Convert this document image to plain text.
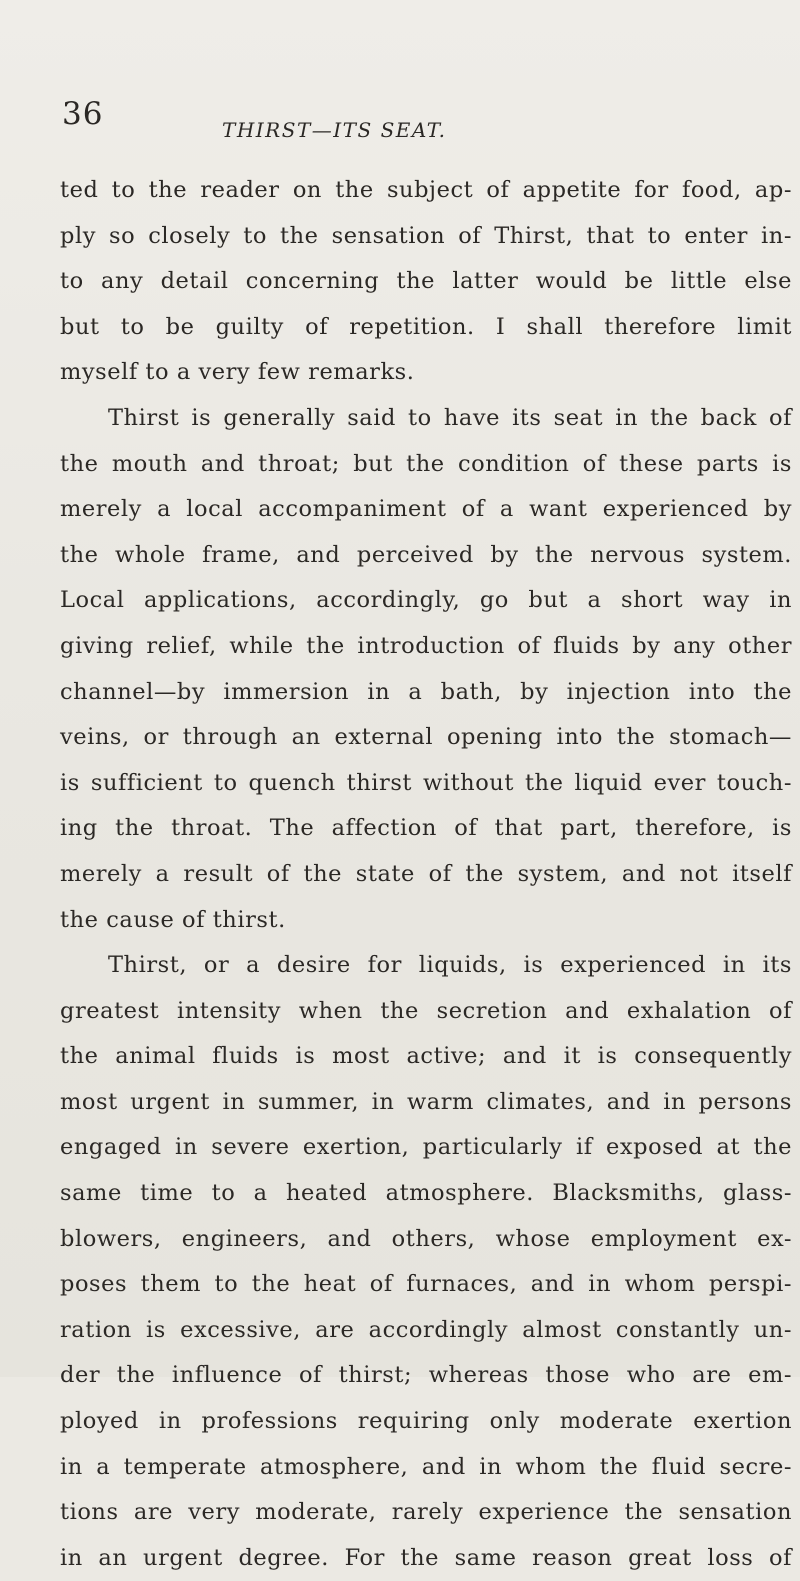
36	THIRST—ITS SEAT.
ted to the reader on the subject of appetite for food, ap-
ply so closely to the sensation of Thirst, that to enter in-
to any detail concerning the latter would be little else
but to be guilty of repetition. I shall therefore limit
myself to a very few remarks.
Thirst is generally said to have its seat in the back of
the mouth and throat; but the condition of these parts is
merely a local accompaniment of a want experienced by
the whole frame, and perceived by the nervous system.
Local applications, accordingly, go but a short way in
giving relief, while the introduction of fluids by any other
channel—by immersion in a bath, by injection into the
veins, or through an external opening into the stomach—
is sufficient to quench thirst without the liquid ever touch-
ing the throat. The affection of that part, therefore, is
merely a result of the state of the system, and not itself
the cause of thirst.
Thirst, or a desire for liquids, is experienced in its
greatest intensity when the secretion and exhalation of
the animal fluids is most active; and it is consequently
most urgent in summer, in warm climates, and in persons
engaged in severe exertion, particularly if exposed at the
same time to a heated atmosphere. Blacksmiths, glass-
blowers, engineers, and others, whose employment ex-
poses them to the heat of furnaces, and in whom perspi-
ration is excessive, are accordingly almost constantly un-
der the influence of thirst; whereas those who are em-
ployed in professions requiring only moderate exertion
in a temperate atmosphere, and in whom the fluid secre-
tions are very moderate, rarely experience the sensation
in an urgent degree. For the same reason great loss of
